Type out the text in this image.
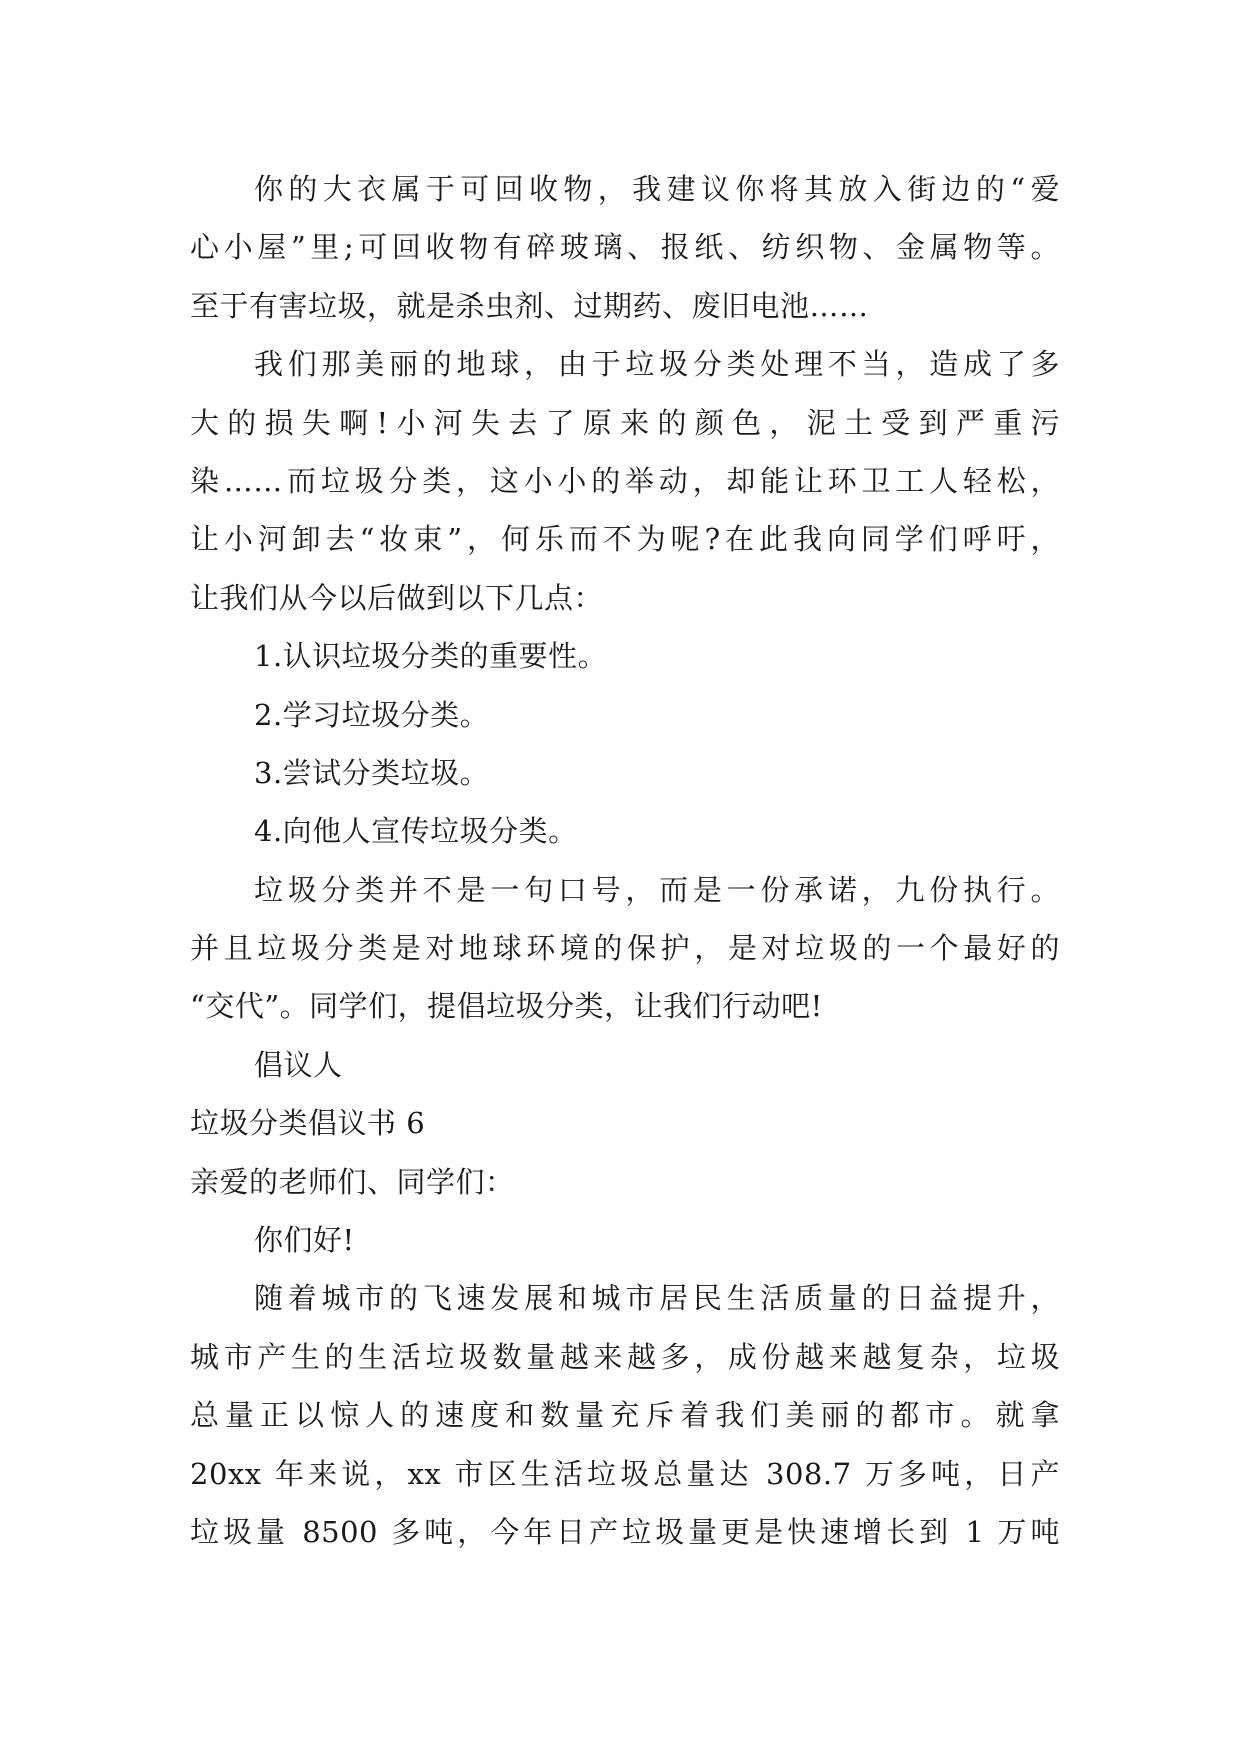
你的大衣属于可回收物，我建议你将其放入街边的“爱
心小屋”里;可回收物有碎玻璃、报纸、纺织物、金属物等。
至于有害垃圾，就是杀虫剂、过期药、废旧电池……
我们那美丽的地球，由于垃圾分类处理不当，造成了多
大的损失啊!小河失去了原来的颜色，泥土受到严重污
染……而垃圾分类，这小小的举动，却能让环卫工人轻松，
让小河卸去“妆束”，何乐而不为呢?在此我向同学们呼吁，
让我们从今以后做到以下几点：
1.认识垃圾分类的重要性。
2.学习垃圾分类。
3.尝试分类垃圾。
4.向他人宣传垃圾分类。
垃圾分类并不是一句口号，而是一份承诺，九份执行。
并且垃圾分类是对地球环境的保护，是对垃圾的一个最好的
“交代”。同学们，提倡垃圾分类，让我们行动吧!
倡议人
垃圾分类倡议书 6
亲爱的老师们、同学们：
你们好!
随着城市的飞速发展和城市居民生活质量的日益提升，
城市产生的生活垃圾数量越来越多，成份越来越复杂，垃圾
总量正以惊人的速度和数量充斥着我们美丽的都市。就拿
20xx 年来说，xx 市区生活垃圾总量达 308.7 万多吨，日产
垃圾量 8500 多吨，今年日产垃圾量更是快速增长到 1 万吨
